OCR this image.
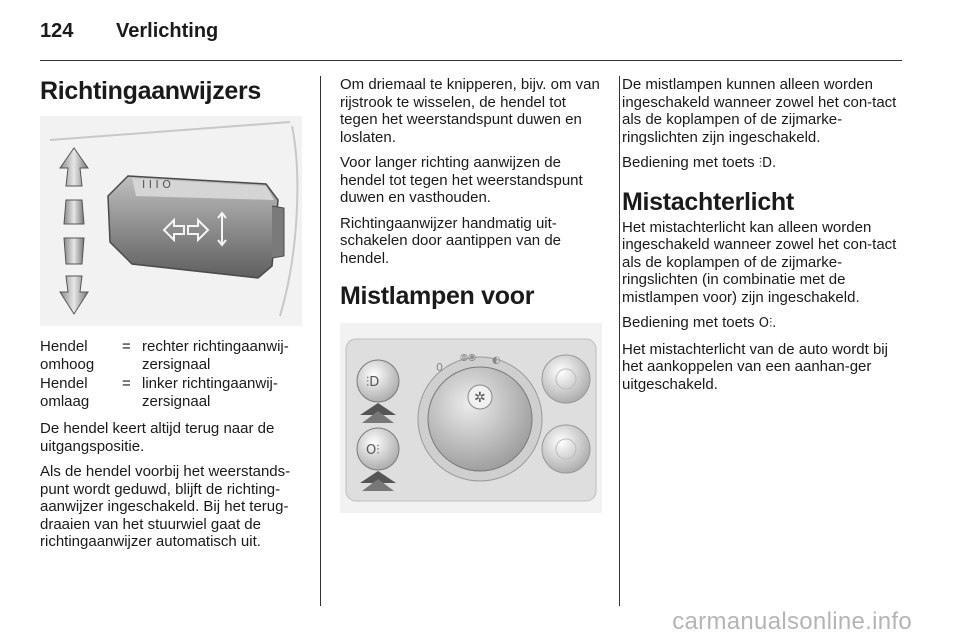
124 Verlichting
Richtingaanwijzers
I I I O
Hendel omhoog
= rechter richtingaanwij-zersignaal
Hendel omlaag
= linker richtingaanwij-zersignaal

De hendel keert altijd terug naar de uitgangspositie.

Als de hendel voorbij het weerstands-punt wordt geduwd, blijft de richting-aanwijzer ingeschakeld. Bij het terug-draaien van het stuurwiel gaat de richtingaanwijzer automatisch uit.

Om driemaal te knipperen, bijv. om van rijstrook te wisselen, de hendel tot tegen het weerstandspunt duwen en loslaten.

Voor langer richting aanwijzen de hendel tot tegen het weerstandspunt duwen en vasthouden.

Richtingaanwijzer handmatig uit-schakelen door aantippen van de hendel.

Mistlampen voor
✲
0
⦾⦿ ◐
⫶D
O⫶

De mistlampen kunnen alleen worden ingeschakeld wanneer zowel het con-tact als de koplampen of de zijmarke-ringslichten zijn ingeschakeld.

Bediening met toets ⫶D.

Mistachterlicht

Het mistachterlicht kan alleen worden ingeschakeld wanneer zowel het con-tact als de koplampen of de zijmarke-ringslichten (in combinatie met de mistlampen voor) zijn ingeschakeld.

Bediening met toets O⫶.

Het mistachterlicht van de auto wordt bij het aankoppelen van een aanhan-ger uitgeschakeld.

carmanualsonline.info
